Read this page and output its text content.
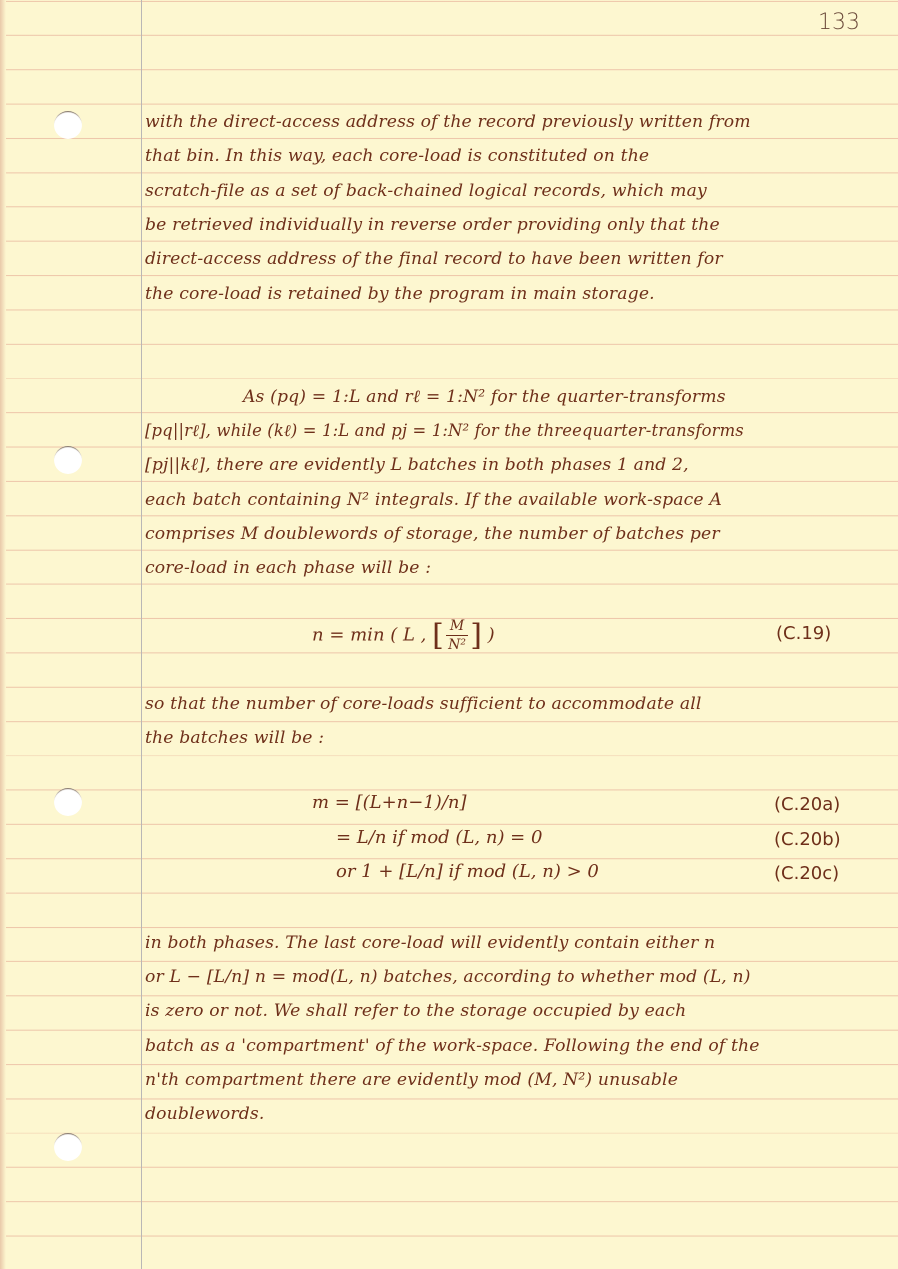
133
with the direct-access address of the record previously written from
that bin. In this way, each core-load is constituted on the
scratch-file as a set of back-chained logical records, which may
be retrieved individually in reverse order providing only that the
direct-access address of the final record to have been written for
the core-load is retained by the program in main storage.
As (pq) = 1:L and rℓ = 1:N² for the quarter-transforms
[pq||rℓ], while (kℓ) = 1:L and pj = 1:N² for the threequarter-transforms
[pj||kℓ], there are evidently L batches in both phases 1 and 2,
each batch containing N² integrals. If the available work-space A
comprises M doublewords of storage, the number of batches per
core-load in each phase will be :
n = min ( L , [ $\frac{M}{\text{N²}}$ ] )	(C.19)
so that the number of core-loads sufficient to accommodate all
the batches will be :
m = [(L+n−1)/n]	(C.20a)
= L/n if mod (L, n) = 0	(C.20b)
or 1 + [L/n] if mod (L, n) > 0	(C.20c)
in both phases. The last core-load will evidently contain either n
or L − [L/n] n = mod(L, n) batches, according to whether mod (L, n)
is zero or not. We shall refer to the storage occupied by each
batch as a 'compartment' of the work-space. Following the end of the
n'th compartment there are evidently mod (M, N²) unusable
doublewords.
